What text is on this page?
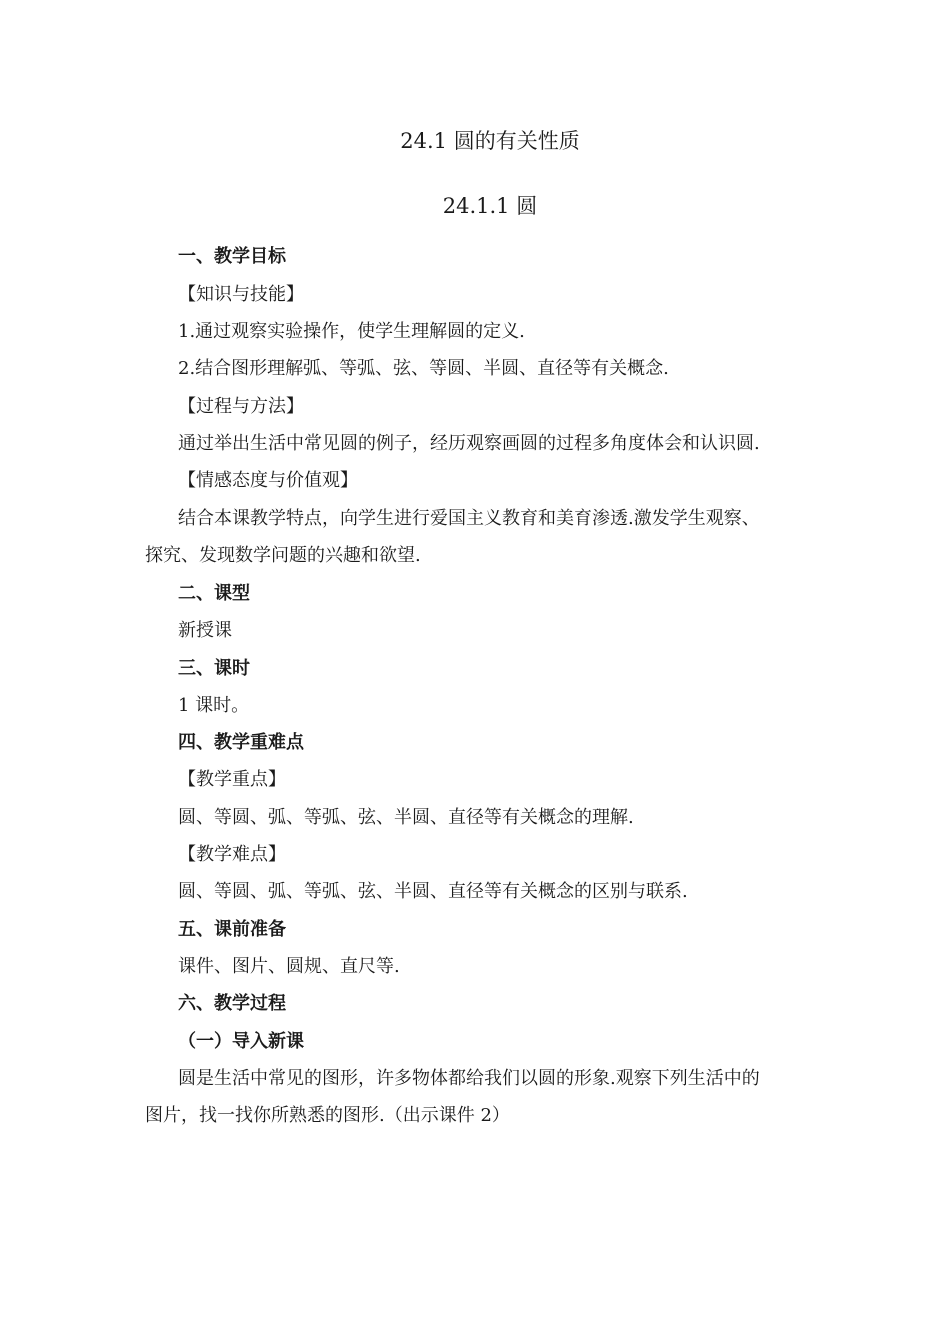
24.1 圆的有关性质
24.1.1 圆
一、教学目标
【知识与技能】
1.通过观察实验操作，使学生理解圆的定义.
2.结合图形理解弧、等弧、弦、等圆、半圆、直径等有关概念.
【过程与方法】
通过举出生活中常见圆的例子，经历观察画圆的过程多角度体会和认识圆.
【情感态度与价值观】
结合本课教学特点，向学生进行爱国主义教育和美育渗透.激发学生观察、
探究、发现数学问题的兴趣和欲望.
二、课型
新授课
三、课时
1 课时。
四、教学重难点
【教学重点】
圆、等圆、弧、等弧、弦、半圆、直径等有关概念的理解.
【教学难点】
圆、等圆、弧、等弧、弦、半圆、直径等有关概念的区别与联系.
五、课前准备
课件、图片、圆规、直尺等.
六、教学过程
（一）导入新课
圆是生活中常见的图形，许多物体都给我们以圆的形象.观察下列生活中的
图片，找一找你所熟悉的图形.（出示课件 2）
